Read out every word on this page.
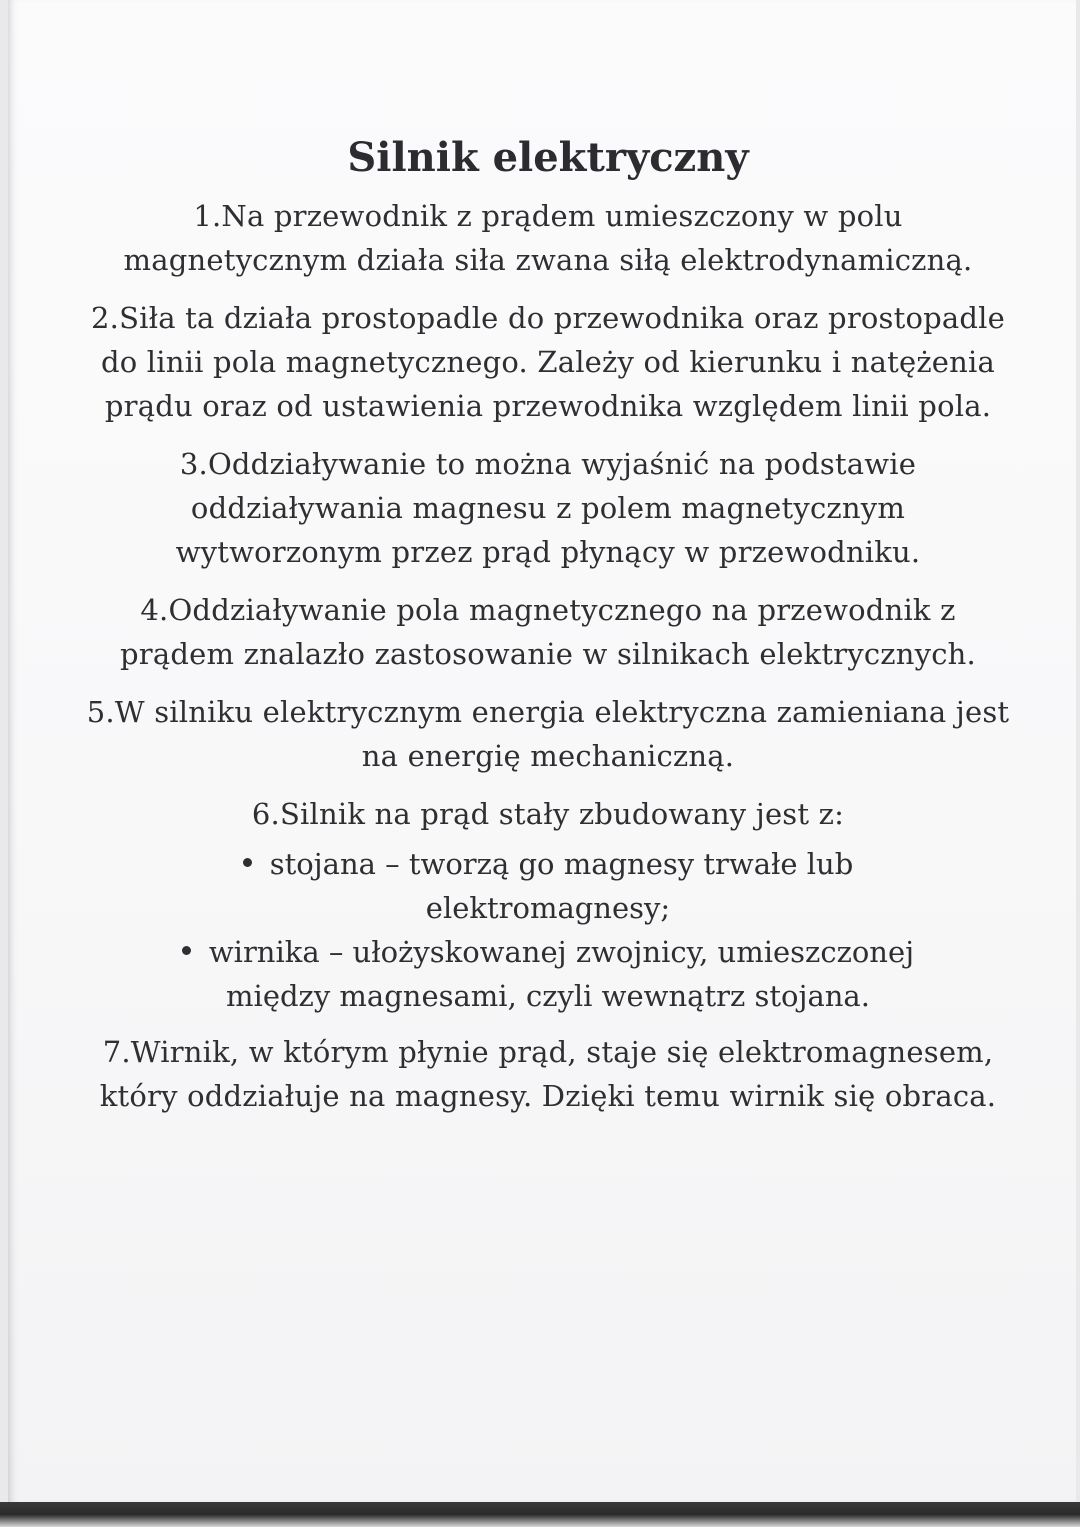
Silnik elektryczny

1.Na przewodnik z prądem umieszczony w polu
magnetycznym działa siła zwana siłą elektrodynamiczną.

2.Siła ta działa prostopadle do przewodnika oraz prostopadle
do linii pola magnetycznego. Zależy od kierunku i natężenia
prądu oraz od ustawienia przewodnika względem linii pola.

3.Oddziaływanie to można wyjaśnić na podstawie
oddziaływania magnesu z polem magnetycznym
wytworzonym przez prąd płynący w przewodniku.

4.Oddziaływanie pola magnetycznego na przewodnik z
prądem znalazło zastosowanie w silnikach elektrycznych.

5.W silniku elektrycznym energia elektryczna zamieniana jest
na energię mechaniczną.

6.Silnik na prąd stały zbudowany jest z:

stojana – tworzą go magnesy trwałe lub
elektromagnesy;
wirnika – ułożyskowanej zwojnicy, umieszczonej
między magnesami, czyli wewnątrz stojana.

7.Wirnik, w którym płynie prąd, staje się elektromagnesem,
który oddziałuje na magnesy. Dzięki temu wirnik się obraca.
